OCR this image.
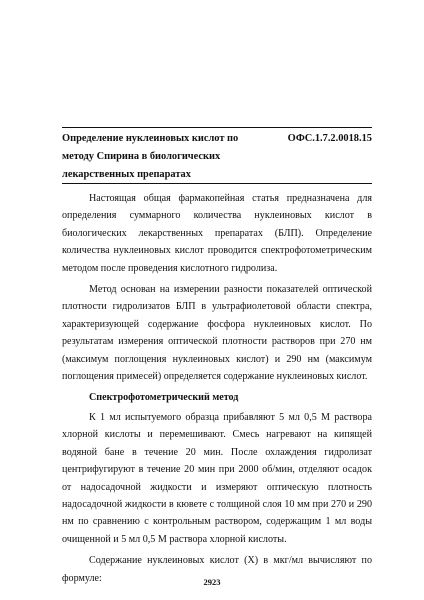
Определение нуклеиновых кислот по методу Спирина в биологических лекарственных препаратах
ОФС.1.7.2.0018.15

Настоящая общая фармакопейная статья предназначена для определения суммарного количества нуклеиновых кислот в биологических лекарственных препаратах (БЛП). Определение количества нуклеиновых кислот проводится спектрофотометрическим методом после проведения кислотного гидролиза.

Метод основан на измерении разности показателей оптической плотности гидролизатов БЛП в ультрафиолетовой области спектра, характеризующей содержание фосфора нуклеиновых кислот. По результатам измерения оптической плотности растворов при 270 нм (максимум поглощения нуклеиновых кислот) и 290 нм (максимум поглощения примесей) определяется содержание нуклеиновых кислот.

Спектрофотометрический метод

К 1 мл испытуемого образца прибавляют 5 мл 0,5 М раствора хлорной кислоты и перемешивают. Смесь нагревают на кипящей водяной бане в течение 20 мин. После охлаждения гидролизат центрифугируют в течение 20 мин при 2000 об/мин, отделяют осадок от надосадочной жидкости и измеряют оптическую плотность надосадочной жидкости в кювете с толщиной слоя 10 мм при 270 и 290 нм по сравнению с контрольным раствором, содержащим 1 мл воды очищенной и 5 мл 0,5 М раствора хлорной кислоты.

Содержание нуклеиновых кислот (X) в мкг/мл вычисляют по формуле:	2923
